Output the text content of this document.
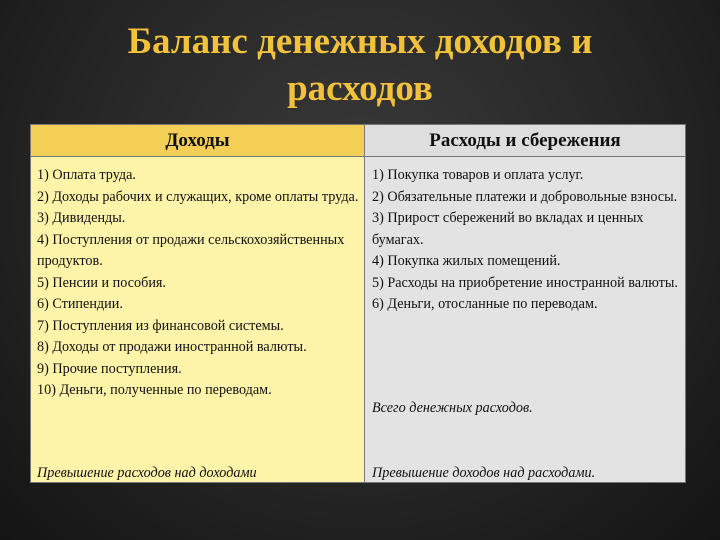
Баланс денежных доходов и
расходов
Доходы
1) Оплата труда.
2) Доходы рабочих и служащих, кроме оплаты труда.
3) Дивиденды.
4) Поступления от продажи сельскохозяйственных продуктов.
5) Пенсии и пособия.
6) Стипендии.
7) Поступления из финансовой системы.
8) Доходы от продажи иностранной валюты.
9) Прочие поступления.
10) Деньги, полученные по переводам.
Превышение расходов над доходами
Расходы и сбережения
1) Покупка товаров и оплата услуг.
2) Обязательные платежи и добровольные взносы.
3) Прирост сбережений во вкладах и ценных бумагах.
4) Покупка жилых помещений.
5) Расходы на приобретение иностранной валюты.
6) Деньги, отосланные по переводам.
Всего денежных расходов.
Превышение доходов над расходами.
